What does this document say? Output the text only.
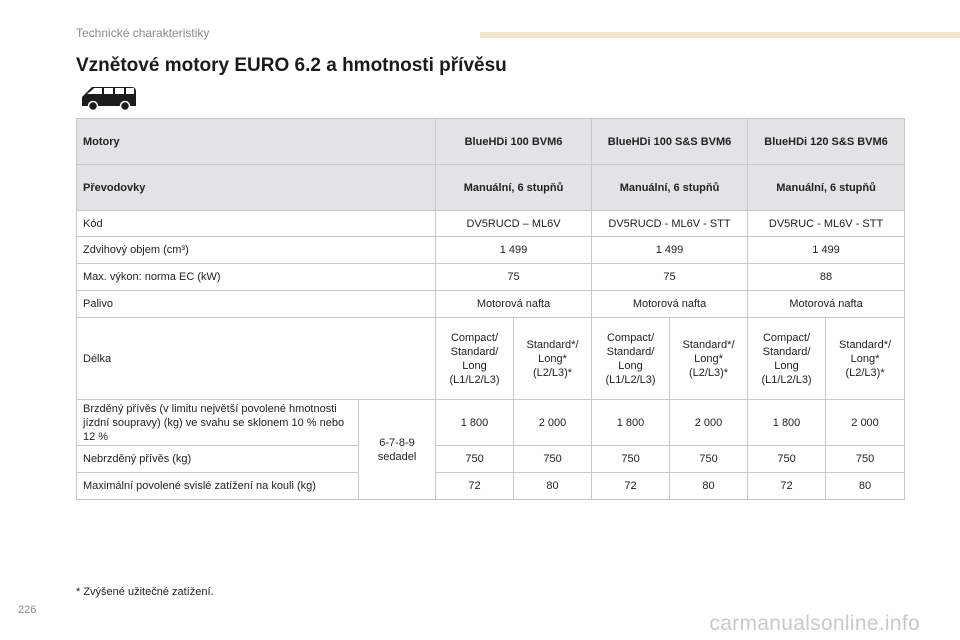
Technické charakteristiky
Vznětové motory EURO 6.2 a hmotnosti přívěsu
Motory		BlueHDi 100 BVM6		BlueHDi 100 S&S BVM6		BlueHDi 120 S&S BVM6	
Převodovky		Manuální, 6 stupňů		Manuální, 6 stupňů		Manuální, 6 stupňů	
Kód		DV5RUCD – ML6V		DV5RUCD - ML6V - STT		DV5RUC - ML6V - STT	
Zdvihový objem (cm³)		1 499		1 499		1 499	
Max. výkon: norma EC (kW)		75		75		88	
Palivo		Motorová nafta		Motorová nafta		Motorová nafta	
Délka		Compact/ Standard/ Long (L1/L2/L3)	Standard*/ Long* (L2/L3)*	Compact/ Standard/ Long (L1/L2/L3)	Standard*/ Long* (L2/L3)*	Compact/ Standard/ Long (L1/L2/L3)	Standard*/ Long* (L2/L3)*
Brzděný přívěs (v limitu největší povolené hmotnosti jízdní soupravy) (kg) ve svahu se sklonem 10 % nebo 12 %	6-7-8-9 sedadel	1 800	2 000	1 800	2 000	1 800	2 000
Nebrzděný přívěs (kg)		750	750	750	750	750	750
Maximální povolené svislé zatížení na kouli (kg)		72	80	72	80	72	80
* Zvýšené užitečné zatížení.
226
carmanualsonline.info
